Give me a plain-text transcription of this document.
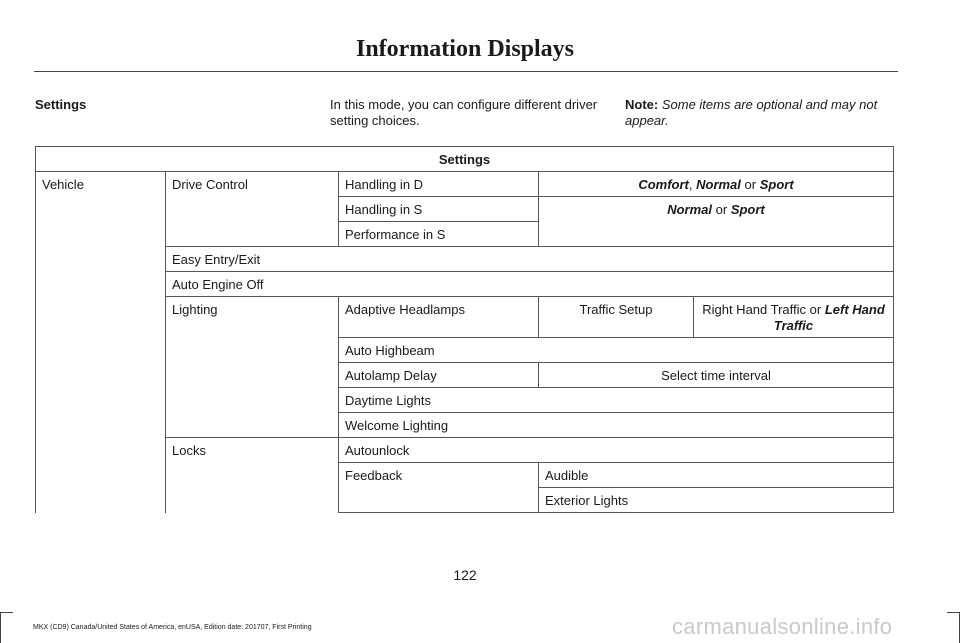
Information Displays
Settings	In this mode, you can configure different driver setting choices.
Note: Some items are optional and may not appear.
Settings				
Vehicle	Drive Control	Handling in D	Comfort, Normal or Sport	
		Handling in S	Normal or Sport	
		Performance in S		
	Easy Entry/Exit			
	Auto Engine Off			
	Lighting	Adaptive Headlamps	Traffic Setup	Right Hand Traffic or Left Hand Traffic
		Auto Highbeam		
		Autolamp Delay	Select time interval	
		Daytime Lights		
		Welcome Lighting		
	Locks	Autounlock		
		Feedback	Audible	
			Exterior Lights	
122
MKX (CD9) Canada/United States of America, enUSA, Edition date: 201707, First Printing	carmanualsonline.info
